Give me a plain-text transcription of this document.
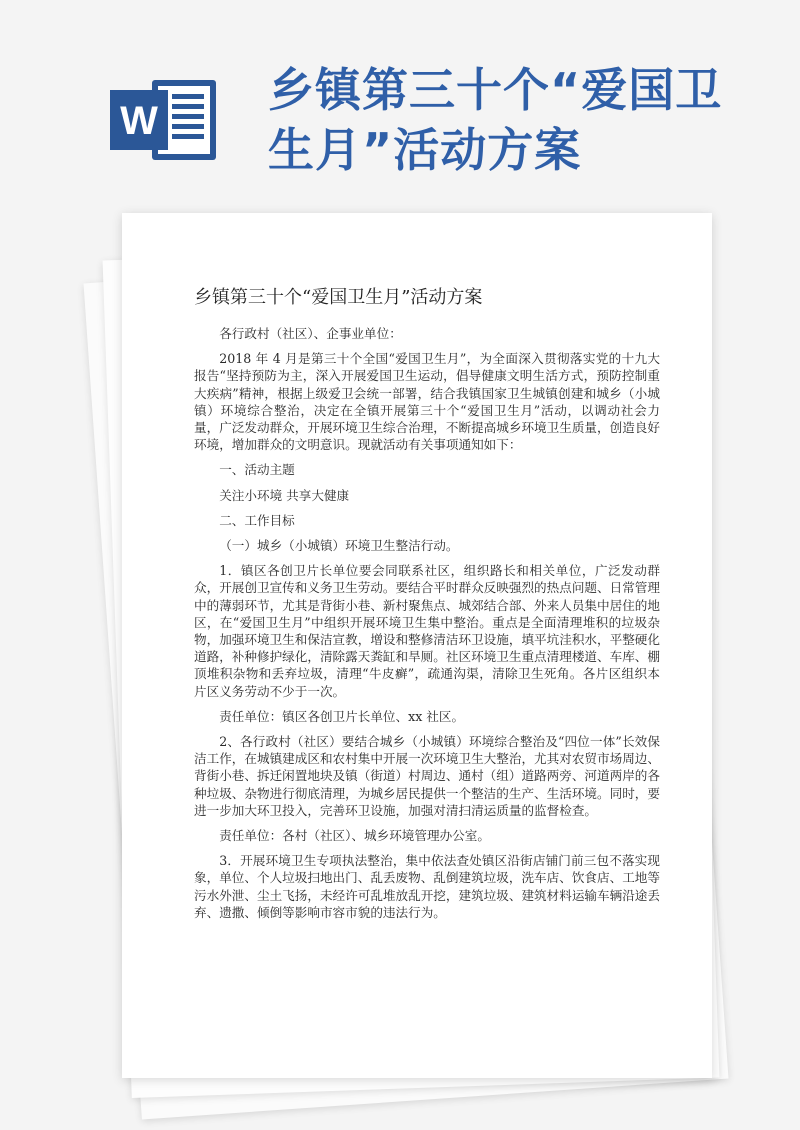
W
乡镇第三十个“爱国卫生月”活动方案
乡镇第三十个“爱国卫生月”活动方案

各行政村（社区）、企事业单位：

2018 年 4 月是第三十个全国“爱国卫生月”，为全面深入贯彻落实党的十九大报告“坚持预防为主，深入开展爱国卫生运动，倡导健康文明生活方式，预防控制重大疾病”精神，根据上级爱卫会统一部署，结合我镇国家卫生城镇创建和城乡（小城镇）环境综合整治，决定在全镇开展第三十个“爱国卫生月”活动，以调动社会力量，广泛发动群众，开展环境卫生综合治理，不断提高城乡环境卫生质量，创造良好环境，增加群众的文明意识。现就活动有关事项通知如下：

一、活动主题

关注小环境 共享大健康

二、工作目标

（一）城乡（小城镇）环境卫生整洁行动。

1．镇区各创卫片长单位要会同联系社区，组织路长和相关单位，广泛发动群众，开展创卫宣传和义务卫生劳动。要结合平时群众反映强烈的热点问题、日常管理中的薄弱环节，尤其是背街小巷、新村聚焦点、城郊结合部、外来人员集中居住的地区，在“爱国卫生月”中组织开展环境卫生集中整治。重点是全面清理堆积的垃圾杂物，加强环境卫生和保洁宣教，增设和整修清洁环卫设施，填平坑洼积水，平整硬化道路，补种修护绿化，清除露天粪缸和旱厕。社区环境卫生重点清理楼道、车库、棚顶堆积杂物和丢弃垃圾，清理“牛皮癣”，疏通沟渠，清除卫生死角。各片区组织本片区义务劳动不少于一次。

责任单位：镇区各创卫片长单位、xx 社区。

2、各行政村（社区）要结合城乡（小城镇）环境综合整治及“四位一体”长效保洁工作，在城镇建成区和农村集中开展一次环境卫生大整治，尤其对农贸市场周边、背街小巷、拆迁闲置地块及镇（街道）村周边、通村（组）道路两旁、河道两岸的各种垃圾、杂物进行彻底清理，为城乡居民提供一个整洁的生产、生活环境。同时，要进一步加大环卫投入，完善环卫设施，加强对清扫清运质量的监督检查。

责任单位：各村（社区）、城乡环境管理办公室。

3．开展环境卫生专项执法整治，集中依法查处镇区沿街店铺门前三包不落实现象，单位、个人垃圾扫地出门、乱丢废物、乱倒建筑垃圾，洗车店、饮食店、工地等污水外泄、尘土飞扬，未经许可乱堆放乱开挖，建筑垃圾、建筑材料运输车辆沿途丢弃、遗撒、倾倒等影响市容市貌的违法行为。
